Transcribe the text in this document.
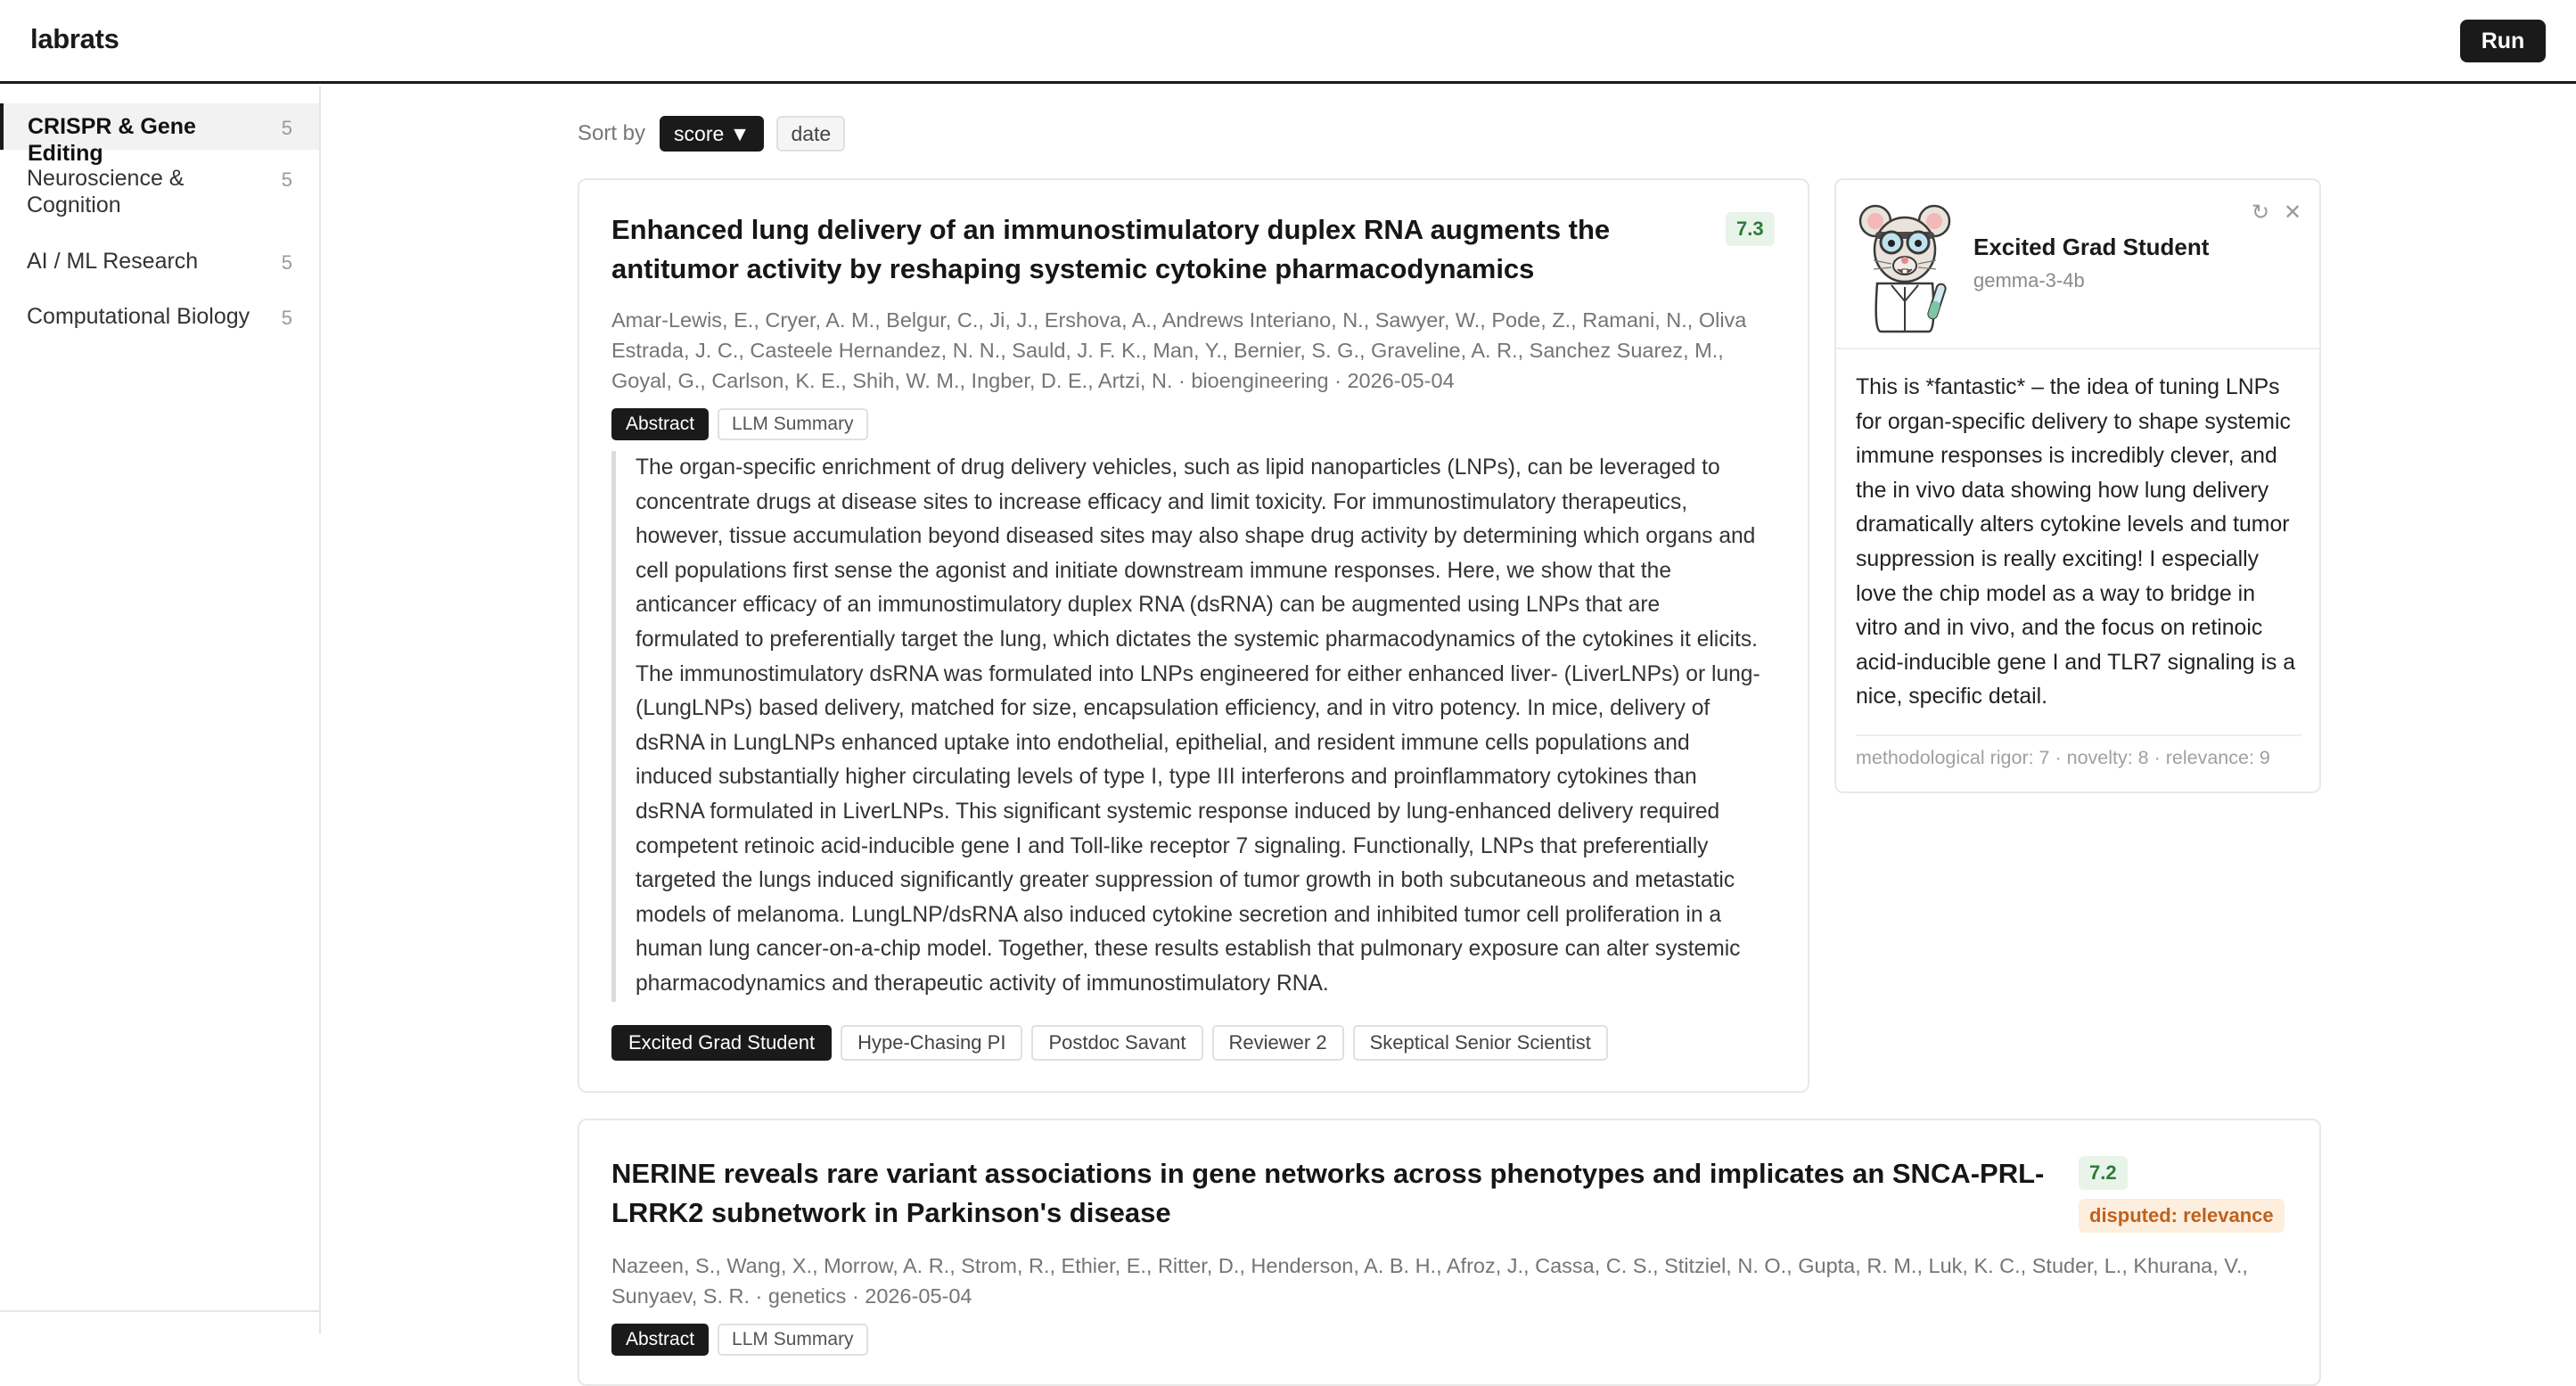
labrats	Run
CRISPR & Gene Editing
5
Neuroscience & Cognition
5
AI / ML Research	5
Computational Biology	5
Sort by	score ▼	date
Enhanced lung delivery of an immunostimulatory duplex RNA augments the antitumor activity by reshaping systemic cytokine pharmacodynamics
7.3
Amar-Lewis, E., Cryer, A. M., Belgur, C., Ji, J., Ershova, A., Andrews Interiano, N., Sawyer, W., Pode, Z., Ramani, N., Oliva Estrada, J. C., Casteele Hernandez, N. N., Sauld, J. F. K., Man, Y., Bernier, S. G., Graveline, A. R., Sanchez Suarez, M., Goyal, G., Carlson, K. E., Shih, W. M., Ingber, D. E., Artzi, N. · bioengineering · 2026-05-04
Abstract	LLM Summary
The organ-specific enrichment of drug delivery vehicles, such as lipid nanoparticles (LNPs), can be leveraged to concentrate drugs at disease sites to increase efficacy and limit toxicity. For immunostimulatory therapeutics, however, tissue accumulation beyond diseased sites may also shape drug activity by determining which organs and cell populations first sense the agonist and initiate downstream immune responses. Here, we show that the anticancer efficacy of an immunostimulatory duplex RNA (dsRNA) can be augmented using LNPs that are formulated to preferentially target the lung, which dictates the systemic pharmacodynamics of the cytokines it elicits. The immunostimulatory dsRNA was formulated into LNPs engineered for either enhanced liver- (LiverLNPs) or lung- (LungLNPs) based delivery, matched for size, encapsulation efficiency, and in vitro potency. In mice, delivery of dsRNA in LungLNPs enhanced uptake into endothelial, epithelial, and resident immune cells populations and induced substantially higher circulating levels of type I, type III interferons and proinflammatory cytokines than dsRNA formulated in LiverLNPs. This significant systemic response induced by lung-enhanced delivery required competent retinoic acid-inducible gene I and Toll-like receptor 7 signaling. Functionally, LNPs that preferentially targeted the lungs induced significantly greater suppression of tumor growth in both subcutaneous and metastatic models of melanoma. LungLNP/dsRNA also induced cytokine secretion and inhibited tumor cell proliferation in a human lung cancer-on-a-chip model. Together, these results establish that pulmonary exposure can alter systemic pharmacodynamics and therapeutic activity of immunostimulatory RNA.
Excited Grad Student	Hype-Chasing PI	Postdoc Savant	Reviewer 2	Skeptical Senior Scientist
Excited Grad Student
gemma-3-4b
↻ ✕
This is *fantastic* – the idea of tuning LNPs for organ-specific delivery to shape systemic immune responses is incredibly clever, and the in vivo data showing how lung delivery dramatically alters cytokine levels and tumor suppression is really exciting! I especially love the chip model as a way to bridge in vitro and in vivo, and the focus on retinoic acid-inducible gene I and TLR7 signaling is a nice, specific detail.
methodological rigor: 7 · novelty: 8 · relevance: 9
NERINE reveals rare variant associations in gene networks across phenotypes and implicates an SNCA-PRL-LRRK2 subnetwork in Parkinson's disease
7.2
disputed: relevance
Nazeen, S., Wang, X., Morrow, A. R., Strom, R., Ethier, E., Ritter, D., Henderson, A. B. H., Afroz, J., Cassa, C. S., Stitziel, N. O., Gupta, R. M., Luk, K. C., Studer, L., Khurana, V., Sunyaev, S. R. · genetics · 2026-05-04
Abstract	LLM Summary
